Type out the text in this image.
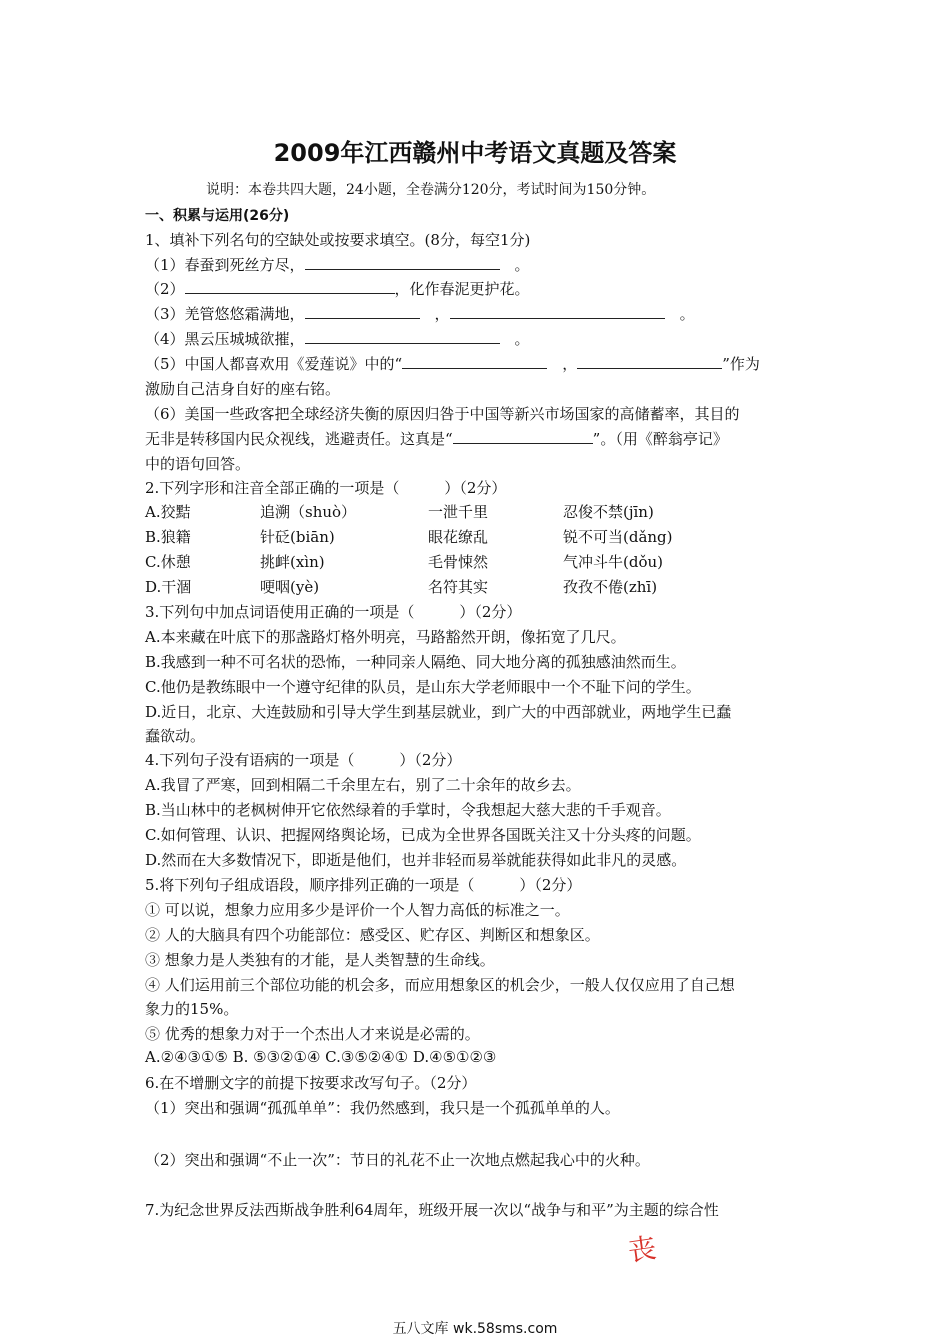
2009年江西赣州中考语文真题及答案
说明：本卷共四大题，24小题，全卷满分120分，考试时间为150分钟。
一、积累与运用(26分)
1、填补下列名句的空缺处或按要求填空。(8分，每空1分)
（1）春蚕到死丝方尽，	　。
（2）	，化作春泥更护花。
（3）羌管悠悠霜满地，	　，	　。
（4）黑云压城城欲摧，	　。
（5）中国人都喜欢用《爱莲说》中的“	　，	”作为
激励自己洁身自好的座右铭。
（6）美国一些政客把全球经济失衡的原因归咎于中国等新兴市场国家的高储蓄率，其目的
无非是转移国内民众视线，逃避责任。这真是“	”。（用《醉翁亭记》
中的语句回答。
2.下列字形和注音全部正确的一项是（　　　）（2分）
A.狡黠	追溯（shuò）	一泄千里	忍俊不禁(jīn)
B.狼籍	针砭(biān)	眼花缭乱	锐不可当(dǎng)
C.休憩	挑衅(xìn)	毛骨悚然	气冲斗牛(dǒu)
D.干涸	哽咽(yè)	名符其实	孜孜不倦(zhī)
3.下列句中加点词语使用正确的一项是（　　　）（2分）
A.本来藏在叶底下的那盏路灯格外明亮，马路豁然开朗，像拓宽了几尺。
B.我感到一种不可名状的恐怖，一种同亲人隔绝、同大地分离的孤独感油然而生。
C.他仍是教练眼中一个遵守纪律的队员，是山东大学老师眼中一个不耻下问的学生。
D.近日，北京、大连鼓励和引导大学生到基层就业，到广大的中西部就业，两地学生已蠢
蠢欲动。
4.下列句子没有语病的一项是（　　　）（2分）
A.我冒了严寒，回到相隔二千余里左右，别了二十余年的故乡去。
B.当山林中的老枫树伸开它依然绿着的手掌时，令我想起大慈大悲的千手观音。
C.如何管理、认识、把握网络舆论场，已成为全世界各国既关注又十分头疼的问题。
D.然而在大多数情况下，即逝是他们，也并非轻而易举就能获得如此非凡的灵感。
5.将下列句子组成语段，顺序排列正确的一项是（　　　）（2分）
① 可以说，想象力应用多少是评价一个人智力高低的标准之一。
② 人的大脑具有四个功能部位：感受区、贮存区、判断区和想象区。
③ 想象力是人类独有的才能，是人类智慧的生命线。
④ 人们运用前三个部位功能的机会多，而应用想象区的机会少，一般人仅仅应用了自己想
象力的15%。
⑤ 优秀的想象力对于一个杰出人才来说是必需的。
A.②④③①⑤ B. ⑤③②①④ C.③⑤②④① D.④⑤①②③
6.在不增删文字的前提下按要求改写句子。（2分）
（1）突出和强调“孤孤单单”：我仍然感到，我只是一个孤孤单单的人。
（2）突出和强调“不止一次”：节日的礼花不止一次地点燃起我心中的火种。
7.为纪念世界反法西斯战争胜利64周年，班级开展一次以“战争与和平”为主题的综合性
丧
五八文库 wk.58sms.com
